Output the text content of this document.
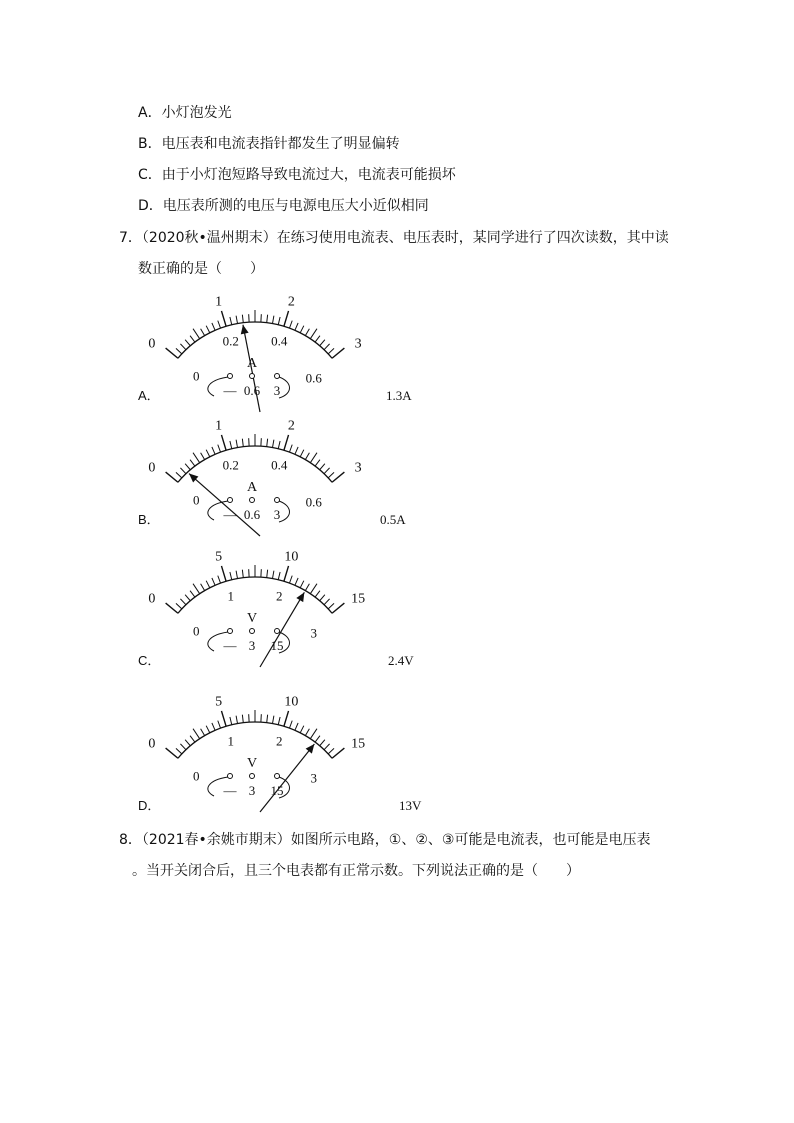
A．小灯泡发光
B．电压表和电流表指针都发生了明显偏转
C．由于小灯泡短路导致电流过大，电流表可能损坏
D．电压表所测的电压与电源电压大小近似相同
7．（2020秋•温州期末）在练习使用电流表、电压表时，某同学进行了四次读数，其中读
数正确的是（　　）
0
1	2
3
0
0.2 0.4
0.6
A
— 0.6 3
A．	1.3A
0
1	2
3
0
0.2 0.4
0.6
A
— 0.6 3
B．	0.5A
0
5	10
15
0
1	2
3
V
— 3 15
C．	2.4V
0
5	10
15
0
1	2
3
V
— 3 15
D．	13V
8．（2021春•余姚市期末）如图所示电路，①、②、③可能是电流表，也可能是电压表
。当开关闭合后，且三个电表都有正常示数。下列说法正确的是（　　）
